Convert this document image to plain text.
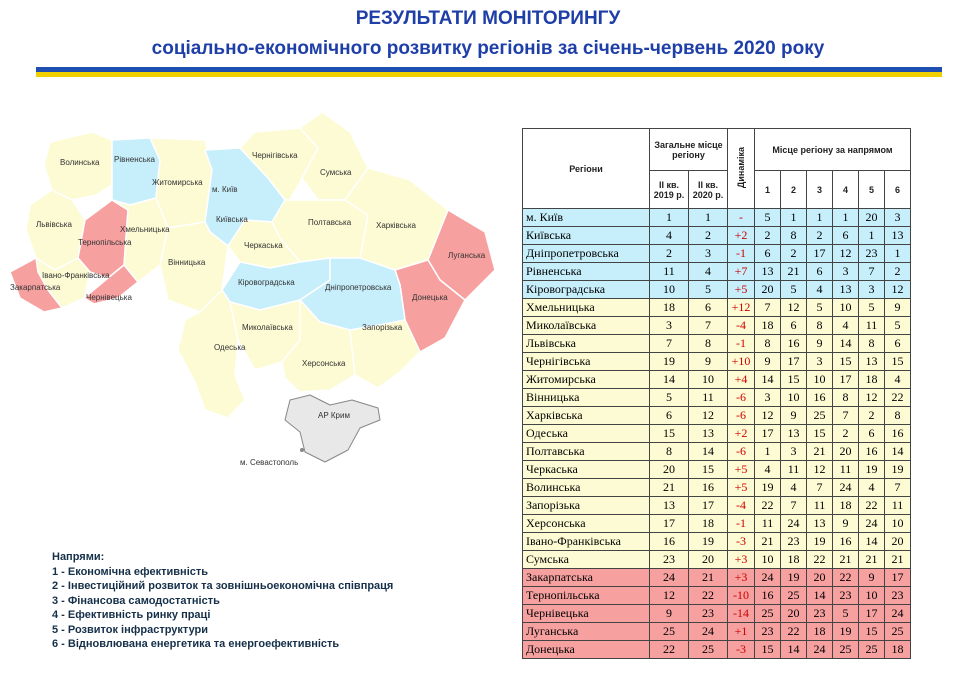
РЕЗУЛЬТАТИ МОНІТОРИНГУ
соціально-економічного розвитку регіонів за січень-червень 2020 року
Волинська Рівненська
Житомирська
м. Київ
Київська
Чернігівська
Сумська
Полтавська	Харківська
Луганська
Львівська
Тернопільська
Хмельницька
Івано-Франківська
Закарпатська
Чернівецька
Вінницька
Черкаська
Кіровоградська
Дніпропетровська
Донецька
Миколаївська
Одеська
Запорізька
Херсонська
АР Крим
м. Севастополь
Напрями:
1 - Економічна ефективність
2 - Інвестиційний розвиток та зовнішньоекономічна співпраця
3 - Фінансова самодостатність
4 - Ефективність ринку праці
5 - Розвиток інфраструктури
6 - Відновлювана енергетика та енергоефективність
Регіони	Загальне місце регіону		Динаміка	Місце регіону за напрямом					
	ІІ кв. 2019 р.	ІІ кв. 2020 р.		1	2	3	4	5	6
м. Київ	1	1	-	5	1	1	1	20	3
Київська	4	2	+2	2	8	2	6	1	13
Дніпропетровська	2	3	-1	6	2	17	12	23	1
Рівненська	11	4	+7	13	21	6	3	7	2
Кіровоградська	10	5	+5	20	5	4	13	3	12
Хмельницька	18	6	+12	7	12	5	10	5	9
Миколаївська	3	7	-4	18	6	8	4	11	5
Львівська	7	8	-1	8	16	9	14	8	6
Чернігівська	19	9	+10	9	17	3	15	13	15
Житомирська	14	10	+4	14	15	10	17	18	4
Вінницька	5	11	-6	3	10	16	8	12	22
Харківська	6	12	-6	12	9	25	7	2	8
Одеська	15	13	+2	17	13	15	2	6	16
Полтавська	8	14	-6	1	3	21	20	16	14
Черкаська	20	15	+5	4	11	12	11	19	19
Волинська	21	16	+5	19	4	7	24	4	7
Запорізька	13	17	-4	22	7	11	18	22	11
Херсонська	17	18	-1	11	24	13	9	24	10
Івано-Франківська	16	19	-3	21	23	19	16	14	20
Сумська	23	20	+3	10	18	22	21	21	21
Закарпатська	24	21	+3	24	19	20	22	9	17
Тернопільська	12	22	-10	16	25	14	23	10	23
Чернівецька	9	23	-14	25	20	23	5	17	24
Луганська	25	24	+1	23	22	18	19	15	25
Донецька	22	25	-3	15	14	24	25	25	18
